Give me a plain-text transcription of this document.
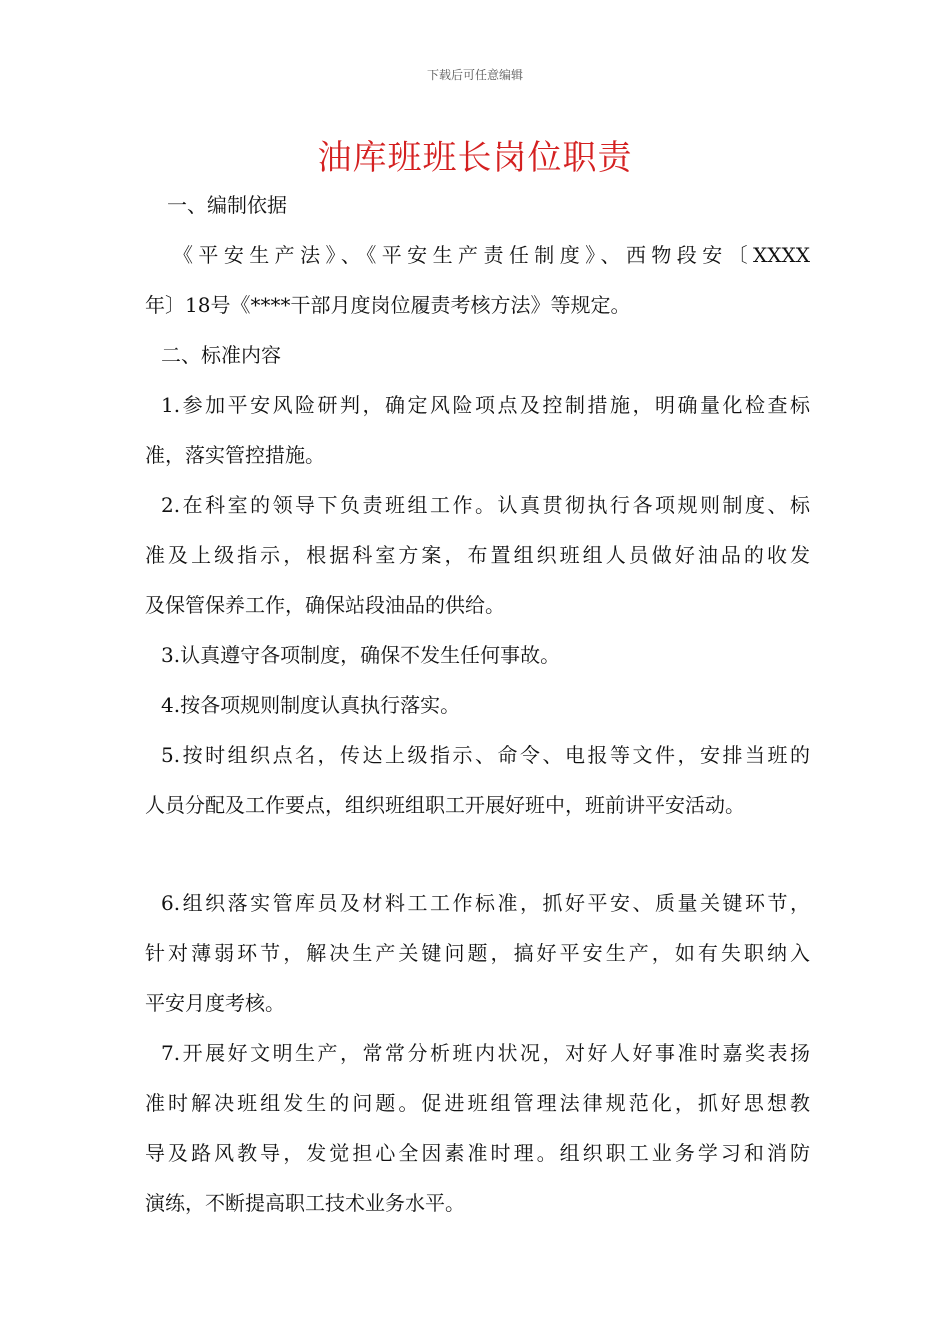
下载后可任意编辑
油库班班长岗位职责

一、编制依据

《平安生产法》、《平安生产责任制度》、西物段安〔XXXX

年〕18号《****干部月度岗位履责考核方法》等规定。

二、标准内容

1.参加平安风险研判，确定风险项点及控制措施，明确量化检查标

准，落实管控措施。

2.在科室的领导下负责班组工作。认真贯彻执行各项规则制度、标

准及上级指示，根据科室方案，布置组织班组人员做好油品的收发

及保管保养工作，确保站段油品的供给。

3.认真遵守各项制度，确保不发生任何事故。

4.按各项规则制度认真执行落实。

5.按时组织点名，传达上级指示、命令、电报等文件，安排当班的

人员分配及工作要点，组织班组职工开展好班中，班前讲平安活动。

6.组织落实管库员及材料工工作标准，抓好平安、质量关键环节，

针对薄弱环节，解决生产关键问题，搞好平安生产，如有失职纳入

平安月度考核。

7.开展好文明生产，常常分析班内状况，对好人好事准时嘉奖表扬

准时解决班组发生的问题。促进班组管理法律规范化，抓好思想教

导及路风教导，发觉担心全因素准时理。组织职工业务学习和消防

演练，不断提高职工技术业务水平。
